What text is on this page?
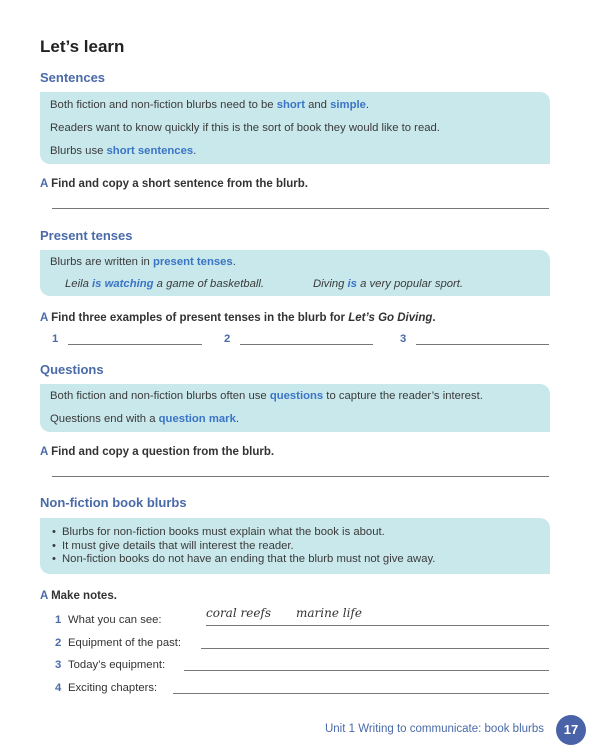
Let’s learn
Sentences

Both fiction and non-fiction blurbs need to be short and simple.

Readers want to know quickly if this is the sort of book they would like to read.

Blurbs use short sentences.

A Find and copy a short sentence from the blurb.
Present tenses

Blurbs are written in present tenses.

Leila is watching a game of basketball.	Diving is a very popular sport.

A Find three examples of present tenses in the blurb for Let’s Go Diving.
1	2	3
Questions

Both fiction and non-fiction blurbs often use questions to capture the reader’s interest.

Questions end with a question mark.

A Find and copy a question from the blurb.
Non-fiction book blurbs
• Blurbs for non-fiction books must explain what the book is about.
• It must give details that will interest the reader.
• Non-fiction books do not have an ending that the blurb must not give away.
A Make notes.
1 What you can see:	coral reefs marine life
2 Equipment of the past:
3 Today’s equipment:
4 Exciting chapters:
Unit 1 Writing to communicate: book blurbs	17
